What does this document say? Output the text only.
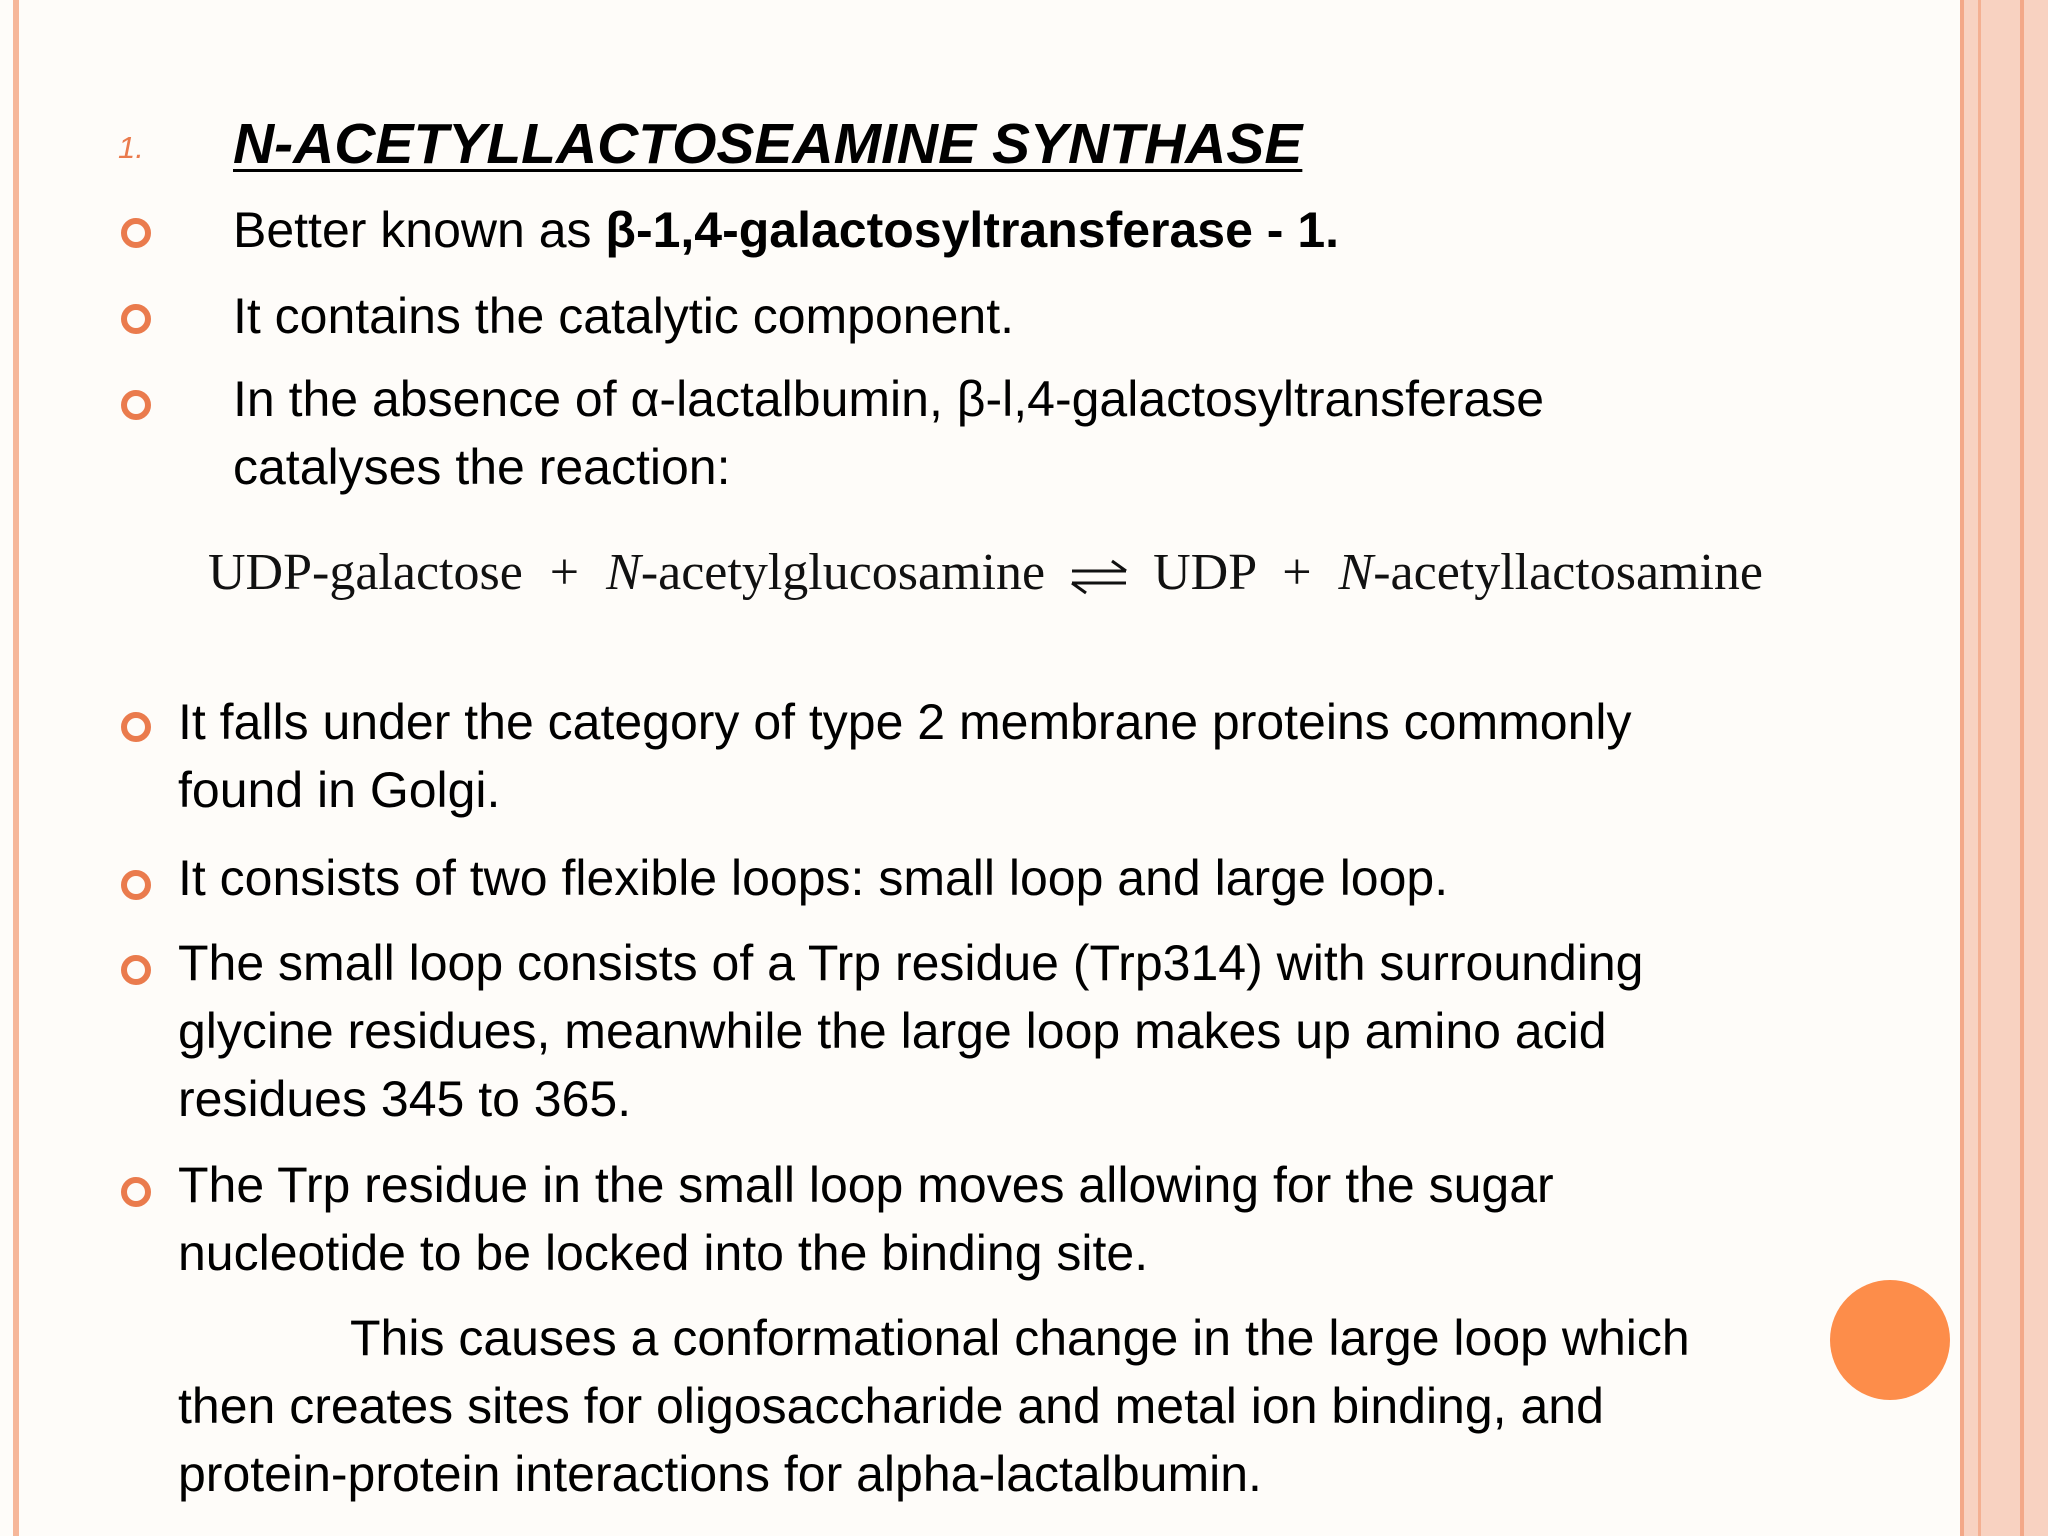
1. N-ACETYLLACTOSEAMINE SYNTHASE
Better known as β-1,4-galactosyltransferase - 1.
It contains the catalytic component.
In the absence of α-lactalbumin, β-l,4-galactosyltransferase
catalyses the reaction:
UDP-galactose + N-acetylglucosamine ⇌ UDP + N-acetyllactosamine
It falls under the category of type 2 membrane proteins commonly
found in Golgi.
It consists of two flexible loops: small loop and large loop.
The small loop consists of a Trp residue (Trp314) with surrounding
glycine residues, meanwhile the large loop makes up amino acid
residues 345 to 365.
The Trp residue in the small loop moves allowing for the sugar
nucleotide to be locked into the binding site.
This causes a conformational change in the large loop which
then creates sites for oligosaccharide and metal ion binding, and
protein-protein interactions for alpha-lactalbumin.
